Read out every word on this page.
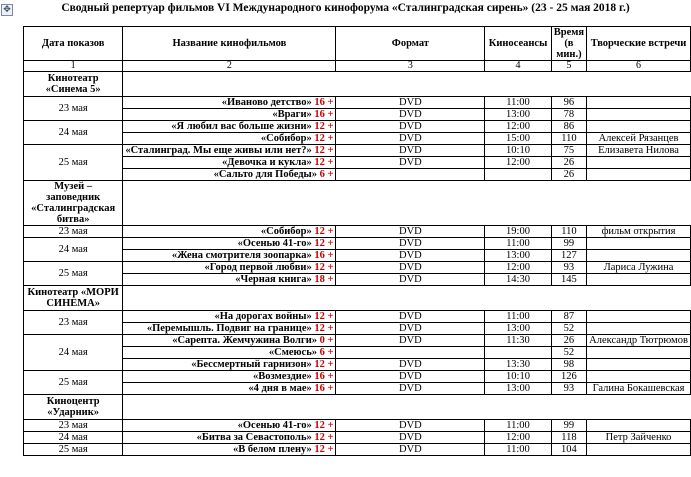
✥	Сводный репертуар фильмов VI Международного кинофорума «Сталинградская сирень» (23 - 25 мая 2018 г.)
Дата показов	Название кинофильмов	Формат	Киносеансы	Время (в мин.)	Творческие встречи
1	2	3	4	5	6
Кинотеатр «Синема 5»					
23 мая	«Иваново детство» 16 +	DVD	11:00	96	
	«Враги» 16 +	DVD	13:00	78	
24 мая	«Я любил вас больше жизни» 12 +	DVD	12:00	86	
	«Собибор» 12 +	DVD	15:00	110	Алексей Рязанцев
25 мая	«Сталинград. Мы еще живы или нет?» 12 +	DVD	10:10	75	Елизавета Нилова
	«Девочка и кукла» 12 +	DVD	12:00	26	
	«Сальто для Победы» 6 +			26	
Музей – заповедник «Сталинградская битва»					
23 мая	«Собибор» 12 +	DVD	19:00	110	фильм открытия
24 мая	«Осенью 41-го» 12 +	DVD	11:00	99	
	«Жена смотрителя зоопарка» 16 +	DVD	13:00	127	
25 мая	«Город первой любви» 12 +	DVD	12:00	93	Лариса Лужина
	«Черная книга» 18 +	DVD	14:30	145	
Кинотеатр «МОРИ СИНЕМА»					
23 мая	«На дорогах войны» 12 +	DVD	11:00	87	
	«Перемышль. Подвиг на границе» 12 +	DVD	13:00	52	
24 мая	«Сарепта. Жемчужина Волги» 0 +	DVD	11:30	26	Александр Тютрюмов
	«Смеюсь» 6 +			52	
	«Бессмертный гарнизон» 12 +	DVD	13:30	98	
25 мая	«Возмездие» 16 +	DVD	10:10	126	
	«4 дня в мае» 16 +	DVD	13:00	93	Галина Бокашевская
Киноцентр «Ударник»					
23 мая	«Осенью 41-го» 12 +	DVD	11:00	99	
24 мая	«Битва за Севастополь» 12 +	DVD	12:00	118	Петр Зайченко
25 мая	«В белом плену» 12 +	DVD	11:00	104	
